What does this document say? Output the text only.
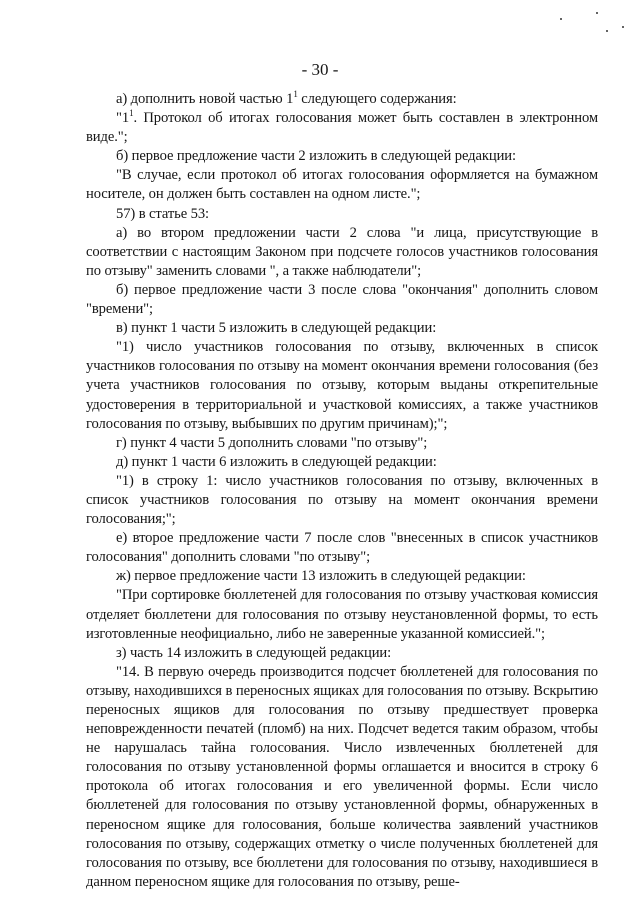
- 30 -

а) дополнить новой частью $1^1$ следующего содержания:

"$1^1$. Протокол об итогах голосования может быть составлен в электронном виде.";

б) первое предложение части 2 изложить в следующей редакции:

"В случае, если протокол об итогах голосования оформляется на бумажном носителе, он должен быть составлен на одном листе.";

57) в статье 53:

а) во втором предложении части 2 слова "и лица, присутствующие в соответствии с настоящим Законом при подсчете голосов участников голосования по отзыву" заменить словами ", а также наблюдатели";

б) первое предложение части 3 после слова "окончания" дополнить словом "времени";

в) пункт 1 части 5 изложить в следующей редакции:

"1) число участников голосования по отзыву, включенных в список участников голосования по отзыву на момент окончания времени голосования (без учета участников голосования по отзыву, которым выданы открепительные удостоверения в территориальной и участковой комиссиях, а также участников голосования по отзыву, выбывших по другим причинам);";

г) пункт 4 части 5 дополнить словами "по отзыву";

д) пункт 1 части 6 изложить в следующей редакции:

"1) в строку 1: число участников голосования по отзыву, включенных в список участников голосования по отзыву на момент окончания времени голосования;";

е) второе предложение части 7 после слов "внесенных в список участников голосования" дополнить словами "по отзыву";

ж) первое предложение части 13 изложить в следующей редакции:

"При сортировке бюллетеней для голосования по отзыву участковая комиссия отделяет бюллетени для голосования по отзыву неустановленной формы, то есть изготовленные неофициально, либо не заверенные указанной комиссией.";

з) часть 14 изложить в следующей редакции:

"14. В первую очередь производится подсчет бюллетеней для голосования по отзыву, находившихся в переносных ящиках для голосования по отзыву. Вскрытию переносных ящиков для голосования по отзыву предшествует проверка неповрежденности печатей (пломб) на них. Подсчет ведется таким образом, чтобы не нарушалась тайна голосования. Число извлеченных бюллетеней для голосования по отзыву установленной формы оглашается и вносится в строку 6 протокола об итогах голосования и его увеличенной формы. Если число бюллетеней для голосования по отзыву установленной формы, обнаруженных в переносном ящике для голосования, больше количества заявлений участников голосования по отзыву, содержащих отметку о числе полученных бюллетеней для голосования по отзыву, все бюллетени для голосования по отзыву, находившиеся в данном переносном ящике для голосования по отзыву, реше-
